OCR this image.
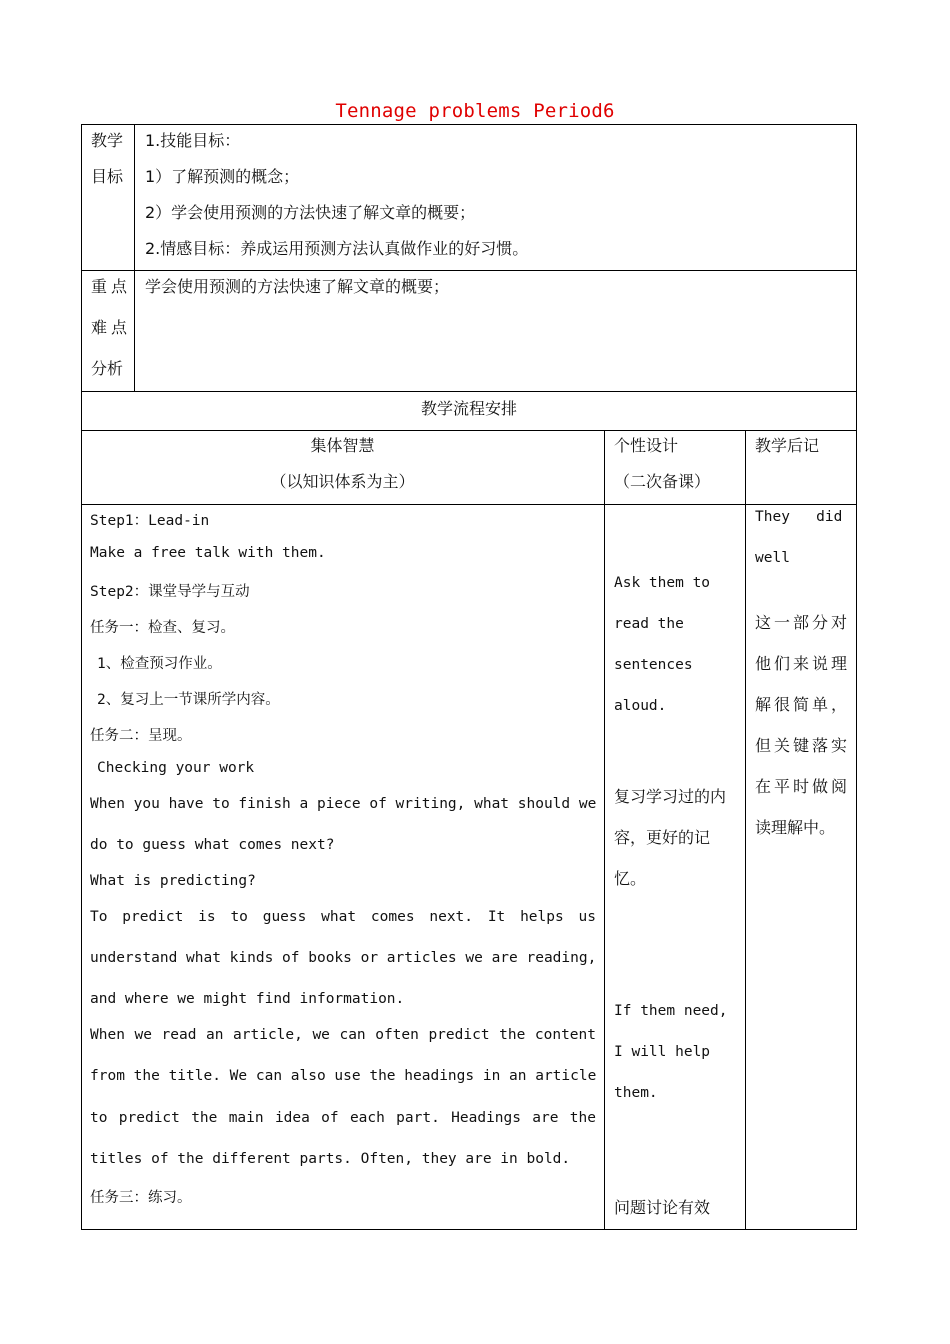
Tennage problems Period6
教学
目标
1.技能目标：
1）了解预测的概念；
2）学会使用预测的方法快速了解文章的概要；
2.情感目标：养成运用预测方法认真做作业的好习惯。
重点
难点
分析
学会使用预测的方法快速了解文章的概要；
教学流程安排
集体智慧
（以知识体系为主）
个性设计
（二次备课）
教学后记
Step1：Lead-in
Make a free talk with them.
Step2：课堂导学与互动
任务一：检查、复习。
1、检查预习作业。
2、复习上一节课所学内容。
任务二：呈现。
Checking your work
When you have to finish a piece of writing, what should we
do to guess what comes next?
What is predicting?
To predict is to guess what comes next. It helps us
understand what kinds of books or articles we are reading,
and where we might find information.
When we read an article, we can often predict the content
from the title. We can also use the headings in an article
to predict the main idea of each part. Headings are the
titles of the different parts. Often, they are in bold.
任务三：练习。
Ask them to
read the
sentences
aloud.
复习学习过的内
容，更好的记
忆。
If them need,
I will help
them.
问题讨论有效
They   did
well
这一部分对
他们来说理
解很简单，
但关键落实
在平时做阅
读理解中。
